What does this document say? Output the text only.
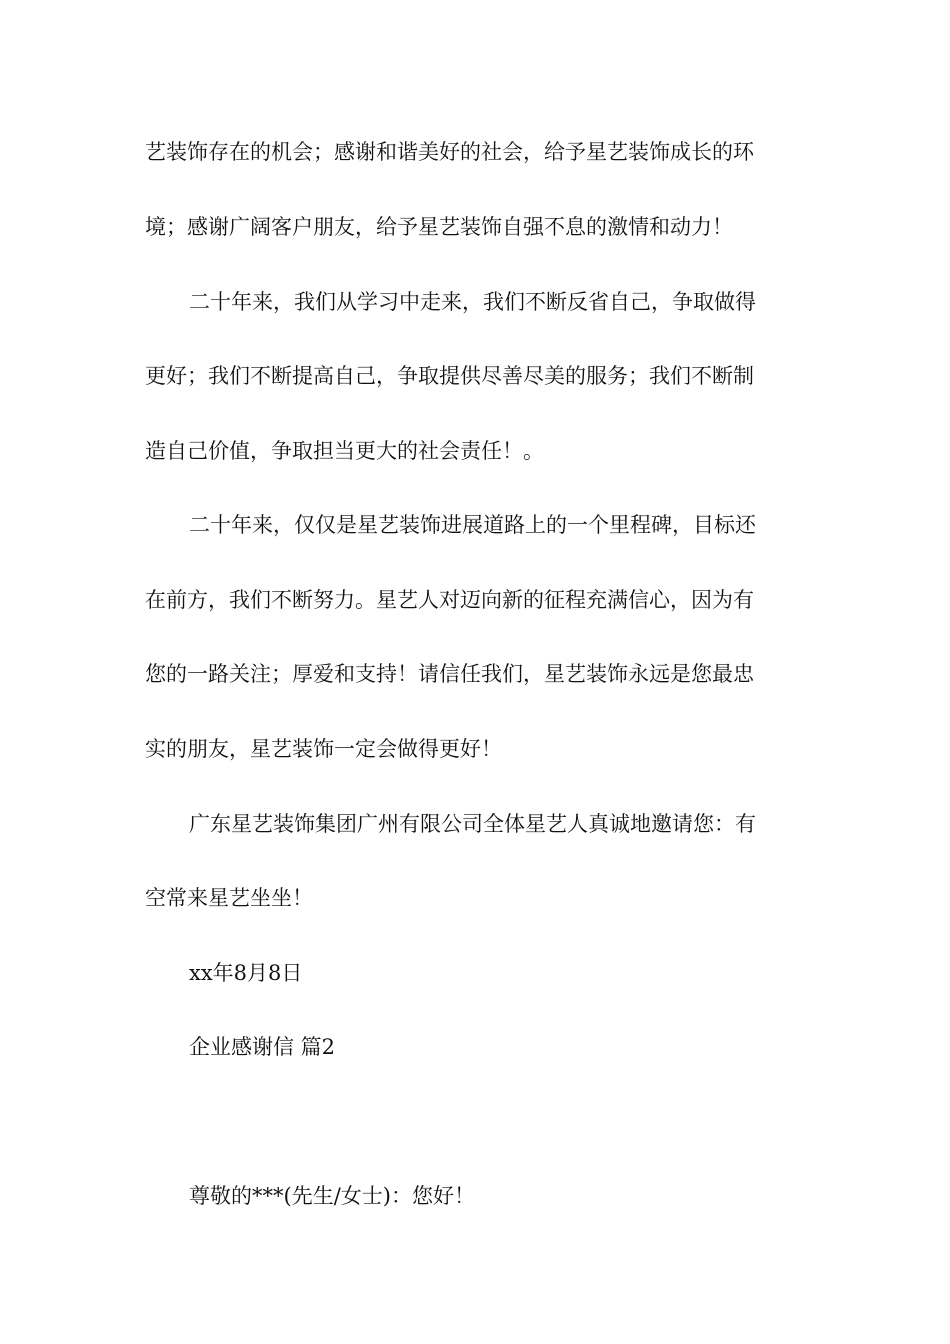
艺装饰存在的机会；感谢和谐美好的社会，给予星艺装饰成长的环
境；感谢广阔客户朋友，给予星艺装饰自强不息的激情和动力！
二十年来，我们从学习中走来，我们不断反省自己，争取做得
更好；我们不断提高自己，争取提供尽善尽美的服务；我们不断制
造自己价值，争取担当更大的社会责任！。
二十年来，仅仅是星艺装饰进展道路上的一个里程碑，目标还
在前方，我们不断努力。星艺人对迈向新的征程充满信心，因为有
您的一路关注；厚爱和支持！请信任我们，星艺装饰永远是您最忠
实的朋友，星艺装饰一定会做得更好！
广东星艺装饰集团广州有限公司全体星艺人真诚地邀请您：有
空常来星艺坐坐！
xx年8月8日
企业感谢信 篇2
尊敬的***(先生/女士)：您好！
